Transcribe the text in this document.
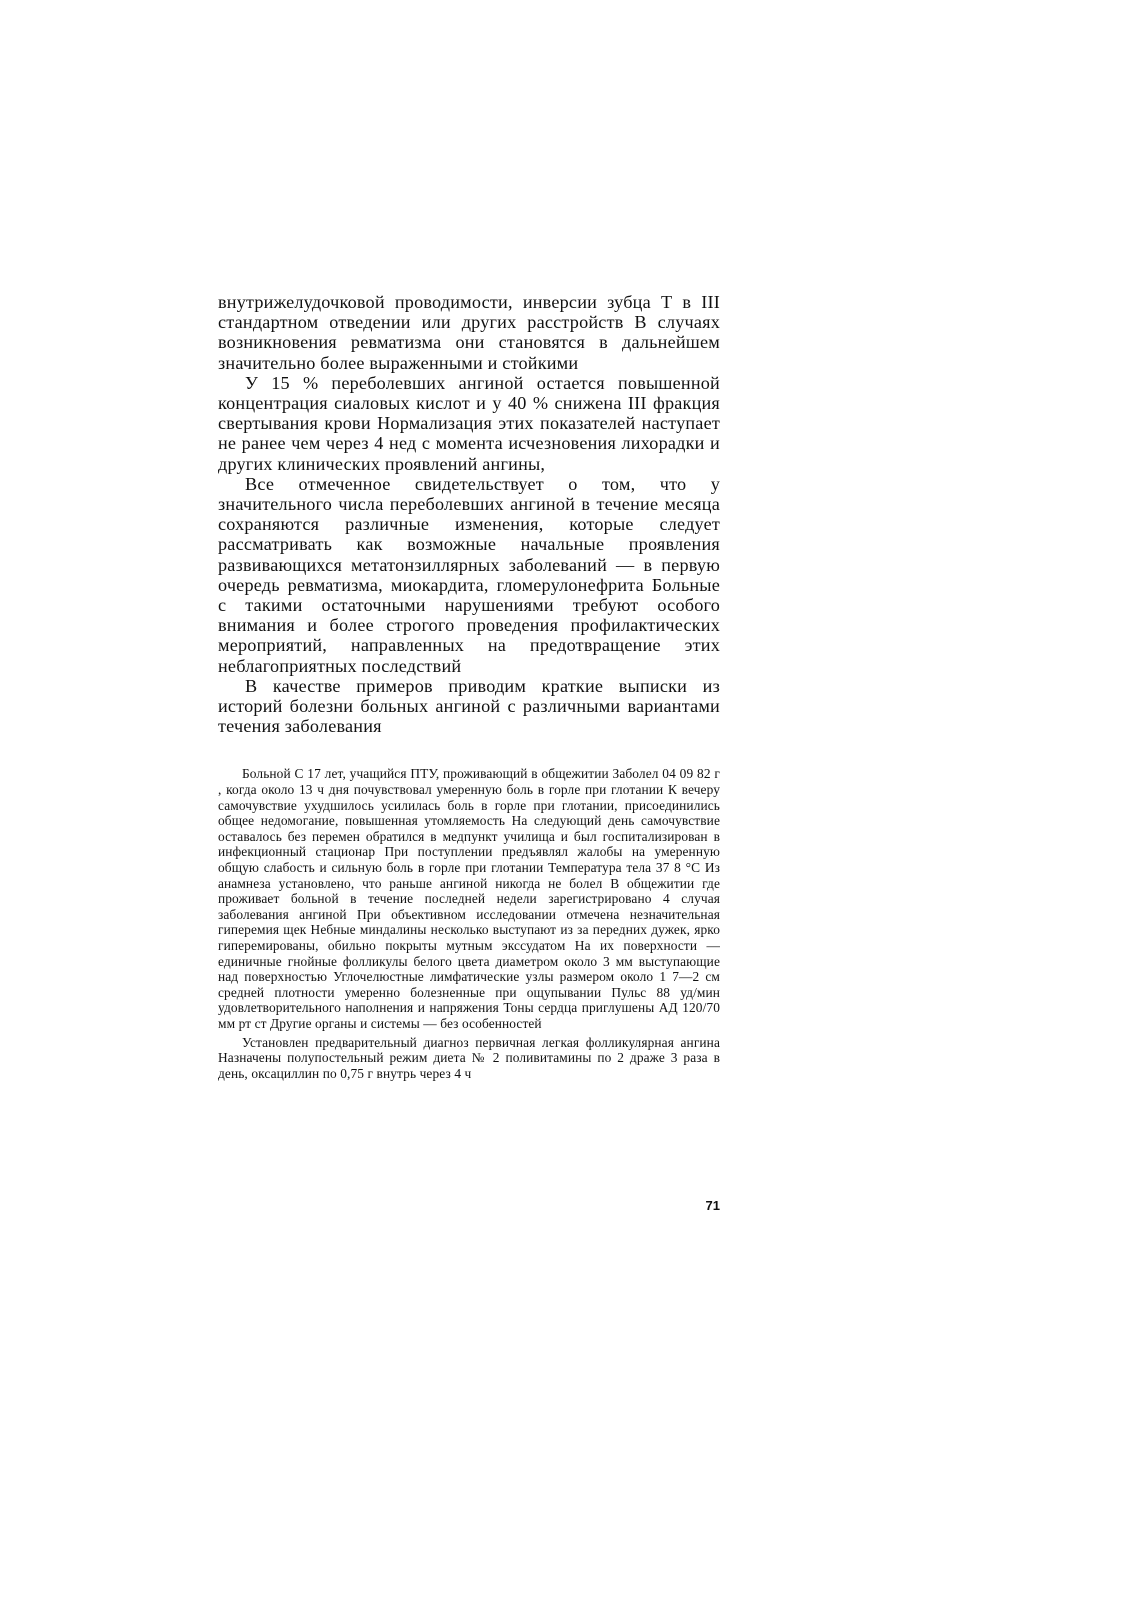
внутрижелудочковой проводимости, инверсии зубца Т в III стандартном отведении или других расстройств В случаях возникновения ревматизма они становятся в дальнейшем значительно более выраженными и стойкими

У 15 % переболевших ангиной остается повышенной концентрация сиаловых кислот и у 40 % снижена III фракция свертывания крови Нормализация этих показателей наступает не ранее чем через 4 нед с момента исчезновения лихорадки и других клинических проявлений ангины,

Все отмеченное свидетельствует о том, что у значительного числа переболевших ангиной в течение месяца сохраняются различные изменения, которые следует рассматривать как возможные начальные проявления развивающихся метатонзиллярных заболеваний — в первую очередь ревматизма, миокардита, гломерулонефрита Больные с такими остаточными нарушениями требуют особого внимания и более строгого проведения профилактических мероприятий, направленных на предотвращение этих неблагоприятных последствий

В качестве примеров приводим краткие выписки из историй болезни больных ангиной с различными вариантами течения заболевания

Больной С 17 лет, учащийся ПТУ, проживающий в общежитии Заболел 04 09 82 г , когда около 13 ч дня почувствовал умеренную боль в горле при глотании К вечеру самочувствие ухудшилось усилилась боль в горле при глотании, присоединились общее недомогание, повышенная утомляемость На следующий день самочувствие оставалось без перемен обратился в медпункт училища и был госпитализирован в инфекционный стационар При поступлении предъявлял жалобы на умеренную общую слабость и сильную боль в горле при глотании Температура тела 37 8 °С Из анамнеза установлено, что раньше ангиной никогда не болел В общежитии где проживает больной в течение последней недели зарегистрировано 4 случая заболевания ангиной При объективном исследовании отмечена незначительная гиперемия щек Небные миндалины несколько выступают из за передних дужек, ярко гиперемированы, обильно покрыты мутным экссудатом На их поверхности — единичные гнойные фолликулы белого цвета диаметром около 3 мм выступающие над поверхностью Углочелюстные лимфатические узлы размером около 1 7—2 см средней плотности умеренно болезненные при ощупывании Пульс 88 уд/мин удовлетворительного наполнения и напряжения Тоны сердца приглушены АД 120/70 мм рт ст Другие органы и системы — без особенностей

Установлен предварительный диагноз первичная легкая фолликулярная ангина Назначены полупостельный режим диета № 2 поливитамины по 2 драже 3 раза в день, оксациллин по 0,75 г внутрь через 4 ч

71
